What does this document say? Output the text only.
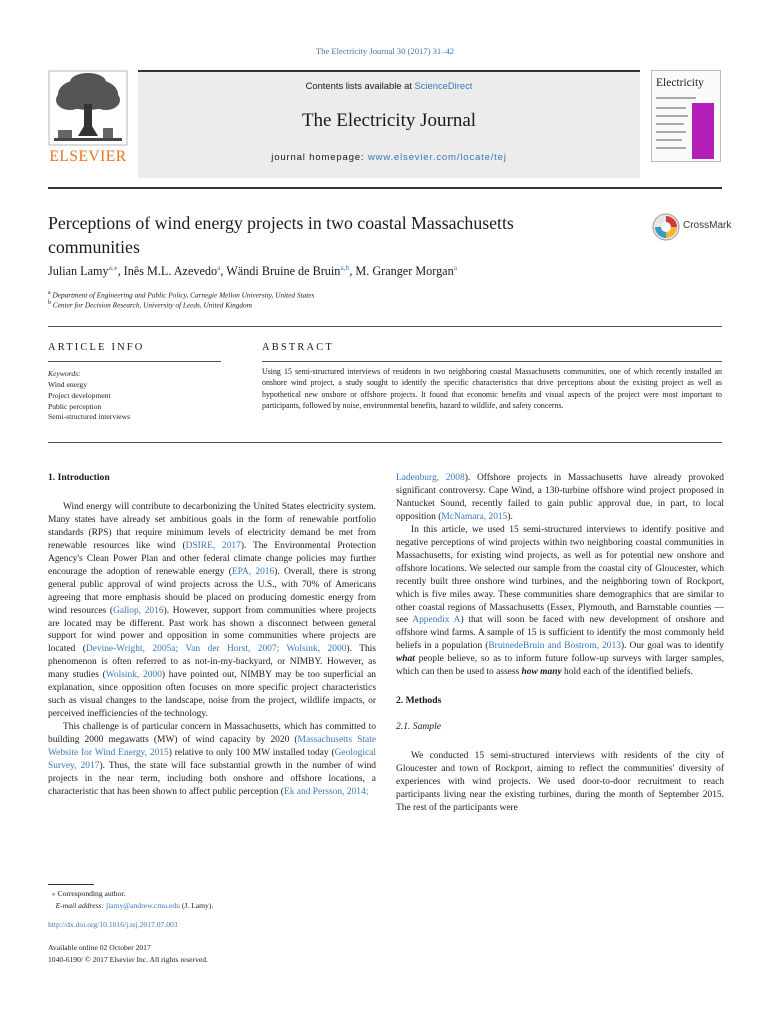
The Electricity Journal 30 (2017) 31–42
ELSEVIER
Contents lists available at ScienceDirect
The Electricity Journal
journal homepage: www.elsevier.com/locate/tej
Electricity
Perceptions of wind energy projects in two coastal Massachusetts communities
CrossMark
Julian Lamy$^{a,⁎}$, Inês M.L. Azevedo$^a$, Wändi Bruine de Bruin$^{a,b}$, M. Granger Morgan$^a$
$^a$ Department of Engineering and Public Policy, Carnegie Mellon University, United States
$^b$ Center for Decision Research, University of Leeds, United Kingdom
ARTICLE INFO	ABSTRACT
Keywords:
Wind energy
Project development
Public perception
Semi-structured interviews
Using 15 semi-structured interviews of residents in two neighboring coastal Massachusetts communities, one of which recently installed an onshore wind project, a study sought to identify the specific characteristics that drive perceptions about the existing project as well as hypothetical new onshore or offshore projects. It found that economic benefits and visual aspects of the project were most important to participants, followed by noise, environmental benefits, hazard to wildlife, and safety concerns.
1. Introduction

Wind energy will contribute to decarbonizing the United States electricity system. Many states have already set ambitious goals in the form of renewable portfolio standards (RPS) that require minimum levels of electricity demand be met from renewable resources like wind (DSIRE, 2017). The Environmental Protection Agency's Clean Power Plan and other federal climate change policies may further encourage the adoption of renewable energy (EPA, 2016). Overall, there is strong general public approval of wind projects across the U.S., with 70% of Americans agreeing that more emphasis should be placed on producing domestic energy from wind resources (Gallop, 2016). However, support from communities where projects are located may be different. Past work has shown a disconnect between general support for wind power and opposition in some communities where projects are located (Devine-Wright, 2005a; Van der Horst, 2007; Wolsink, 2000). This phenomenon is often referred to as not-in-my-backyard, or NIMBY. However, as many studies (Wolsink, 2000) have pointed out, NIMBY may be too superficial an explanation, since opposition often focuses on more specific project characteristics such as visual changes to the landscape, noise from the project, wildlife impacts, or perceived inefficiencies of the technology.

This challenge is of particular concern in Massachusetts, which has committed to building 2000 megawatts (MW) of wind capacity by 2020 (Massachusetts State Website for Wind Energy, 2015) relative to only 100 MW installed today (Geological Survey, 2017). Thus, the state will face substantial growth in the number of wind projects in the near term, including both onshore and offshore locations, a characteristic that has been shown to affect public perception (Ek and Persson, 2014;

Ladenburg, 2008). Offshore projects in Massachusetts have already provoked significant controversy. Cape Wind, a 130-turbine offshore wind project proposed in Nantucket Sound, recently failed to gain public approval due, in part, to local opposition (McNamara, 2015).

In this article, we used 15 semi-structured interviews to identify positive and negative perceptions of wind projects within two neighboring coastal communities in Massachusetts, for existing wind projects, as well as for potential new onshore and offshore locations. We selected our sample from the coastal city of Gloucester, which recently built three onshore wind turbines, and the neighboring town of Rockport, which is five miles away. These communities share demographics that are similar to other coastal regions of Massachusetts (Essex, Plymouth, and Barnstable counties — see Appendix A) that will soon be faced with new development of onshore and offshore wind farms. A sample of 15 is sufficient to identify the most commonly held beliefs in a population (BruinedeBruin and Bostrom, 2013). Our goal was to identify what people believe, so as to inform future follow-up surveys with larger samples, which can then be used to assess how many hold each of the identified beliefs.

2. Methods
2.1. Sample

We conducted 15 semi-structured interviews with residents of the city of Gloucester and town of Rockport, aiming to reflect the communities' diversity of experiences with wind projects. We used door-to-door recruitment to reach participants living near the existing turbines, during the month of September 2015. The rest of the participants were

⁎ Corresponding author.
E-mail address: jlamy@andrew.cmu.edu (J. Lamy).
http://dx.doi.org/10.1016/j.tej.2017.07.003
Available online 02 October 2017
1040-6190/ © 2017 Elsevier Inc. All rights reserved.
